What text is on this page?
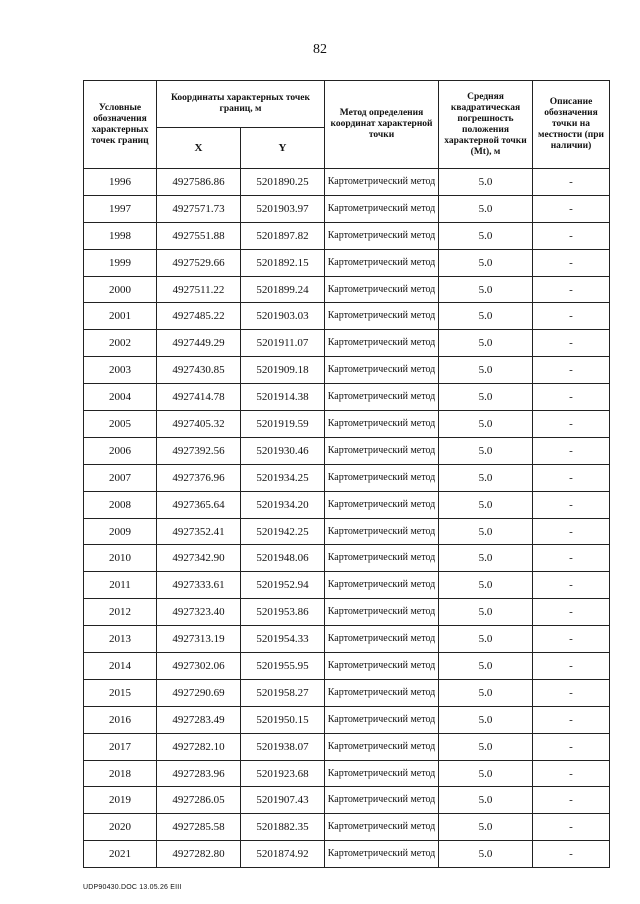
82
Условные обозначения характерных точек границ	Координаты характерных точек границ, м		Метод определения координат характерной точки	Средняя квадратическая погрешность положения характерной точки (Mt), м	Описание обозначения точки на местности (при наличии)
	X	Y			
1996	4927586.86	5201890.25	Картометрический метод	5.0	-
1997	4927571.73	5201903.97	Картометрический метод	5.0	-
1998	4927551.88	5201897.82	Картометрический метод	5.0	-
1999	4927529.66	5201892.15	Картометрический метод	5.0	-
2000	4927511.22	5201899.24	Картометрический метод	5.0	-
2001	4927485.22	5201903.03	Картометрический метод	5.0	-
2002	4927449.29	5201911.07	Картометрический метод	5.0	-
2003	4927430.85	5201909.18	Картометрический метод	5.0	-
2004	4927414.78	5201914.38	Картометрический метод	5.0	-
2005	4927405.32	5201919.59	Картометрический метод	5.0	-
2006	4927392.56	5201930.46	Картометрический метод	5.0	-
2007	4927376.96	5201934.25	Картометрический метод	5.0	-
2008	4927365.64	5201934.20	Картометрический метод	5.0	-
2009	4927352.41	5201942.25	Картометрический метод	5.0	-
2010	4927342.90	5201948.06	Картометрический метод	5.0	-
2011	4927333.61	5201952.94	Картометрический метод	5.0	-
2012	4927323.40	5201953.86	Картометрический метод	5.0	-
2013	4927313.19	5201954.33	Картометрический метод	5.0	-
2014	4927302.06	5201955.95	Картометрический метод	5.0	-
2015	4927290.69	5201958.27	Картометрический метод	5.0	-
2016	4927283.49	5201950.15	Картометрический метод	5.0	-
2017	4927282.10	5201938.07	Картометрический метод	5.0	-
2018	4927283.96	5201923.68	Картометрический метод	5.0	-
2019	4927286.05	5201907.43	Картометрический метод	5.0	-
2020	4927285.58	5201882.35	Картометрический метод	5.0	-
2021	4927282.80	5201874.92	Картометрический метод	5.0	-
UDP90430.DOC 13.05.26 EIII
